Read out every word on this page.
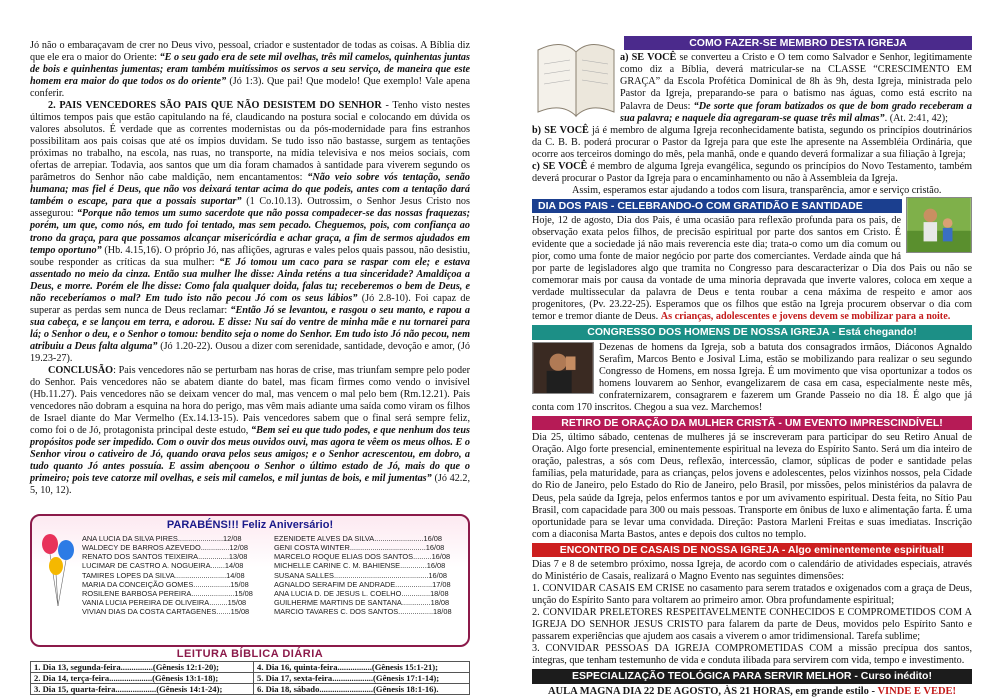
Jó não o embaraçavam de crer no Deus vivo, pessoal, criador e sustentador de todas as coisas. A Bíblia diz que ele era o maior do Oriente: “E o seu gado era de sete mil ovelhas, três mil camelos, quinhentas juntas de bois e quinhentas jumentas; eram também muitíssimos os servos a seu serviço, de maneira que este homem era maior do que todos os do oriente” (Jó 1:3). Que pai! Que modelo! Que exemplo! Vale apena conferir.

2. PAIS VENCEDORES SÃO PAIS QUE NÃO DESISTEM DO SENHOR - Tenho visto nestes últimos tempos pais que estão capitulando na fé, claudicando na postura social e colocando em dúvida os valores absolutos. É verdade que as correntes modernistas ou da pós-modernidade para fins estranhos possibilitam aos pais coisas que até os ímpios duvidam. Se tudo isso não bastasse, surgem as tentações próximas no trabalho, na escola, nas ruas, no transporte, na mídia televisiva e nos meios sociais, com ofertas de arrepiar. Todavia, aos santos que um dia foram chamados à santidade para viverem segundo os parâmetros do Senhor não cabe maldição, nem encantamentos: “Não veio sobre vós tentação, senão humana; mas fiel é Deus, que não vos deixará tentar acima do que podeis, antes com a tentação dará também o escape, para que a possais suportar” (1 Co.10.13). Outrossim, o Senhor Jesus Cristo nos assegurou: “Porque não temos um sumo sacerdote que não possa compadecer-se das nossas fraquezas; porém, um que, como nós, em tudo foi tentado, mas sem pecado. Cheguemos, pois, com confiança ao trono da graça, para que possamos alcançar misericórdia e achar graça, a fim de sermos ajudados em tempo oportuno” (Hb. 4.15,16). O próprio Jó, nas aflições, agruras e vales pelos quais passou, não desistiu, soube responder as críticas da sua mulher: “E Jó tomou um caco para se raspar com ele; e estava assentado no meio da cinza. Então sua mulher lhe disse: Ainda reténs a tua sinceridade? Amaldiçoa a Deus, e morre. Porém ele lhe disse: Como fala qualquer doida, falas tu; receberemos o bem de Deus, e não receberíamos o mal? Em tudo isto não pecou Jó com os seus lábios” (Jó 2.8-10). Foi capaz de superar as perdas sem nunca de Deus reclamar: “Então Jó se levantou, e rasgou o seu manto, e rapou a sua cabeça, e se lançou em terra, e adorou. E disse: Nu saí do ventre de minha mãe e nu tornarei para lá; o Senhor o deu, e o Senhor o tomou: bendito seja o nome do Senhor. Em tudo isto Jó não pecou, nem atribuiu a Deus falta alguma” (Jó 1.20-22). Ousou a dizer com serenidade, santidade, devoção e amor, (Jó 19.23-27).

CONCLUSÃO: Pais vencedores não se perturbam nas horas de crise, mas triunfam sempre pelo poder do Senhor. Pais vencedores não se abatem diante do batel, mas ficam firmes como vendo o invisível (Hb.11.27). Pais vencedores não se deixam vencer do mal, mas vencem o mal pelo bem (Rm.12.21). Pais vencedores não dobram a esquina na hora do perigo, mas vêm mais adiante uma saída como viram os filhos de Israel diante do Mar Vermelho (Ex.14.13-15). Pais vencedores sabem que o final será sempre feliz, como foi o de Jó, protagonista principal deste estudo, “Bem sei eu que tudo podes, e que nenhum dos teus propósitos pode ser impedido. Com o ouvir dos meus ouvidos ouvi, mas agora te vêem os meus olhos. E o Senhor virou o cativeiro de Jó, quando orava pelos seus amigos; e o Senhor acrescentou, em dobro, a tudo quanto Jó antes possuía. E assim abençoou o Senhor o último estado de Jó, mais do que o primeiro; pois teve catorze mil ovelhas, e seis mil camelos, e mil juntas de bois, e mil jumentas” (Jó 42.2, 5, 10, 12).

PARABÉNS!!! Feliz Aniversário!
ANA LUCIA DA SILVA PIRES......................12/08
WALDECY DE BARROS AZEVEDO..............12/08
RENATO DOS SANTOS TEIXEIRA...............13/08
LUCIMAR DE CASTRO A. NOGUEIRA.......14/08
TAMIRES LOPES DA SILVA.........................14/08
MARIA DA CONCEIÇÃO GOMES..................15/08
ROSILENE BARBOSA PEREIRA.....................15/08
VANIA LUCIA PEREIRA DE OLIVEIRA.........15/08
VIVIAN DIAS DA COSTA CARTAGENES.......15/08
EZENIDETE ALVES DA SILVA........................16/08
GENI COSTA WINTER.....................................16/08
MARCELO ROQUE ELIAS DOS SANTOS.........16/08
MICHELLE CARINE C. M. BAHIENSE.............16/08
SUSANA SALLES..............................................16/08
AGNALDO SERAFIM DE ANDRADE..................17/08
ANA LUCIA D. DE JESUS L. COELHO..............18/08
GUILHERME MARTINS DE SANTANA..............18/08
MARCIO TAVARES C. DOS SANTOS.................18/08
LEITURA BÍBLICA DIÁRIA
1. Dia 13, segunda-feira...............(Gênesis 12:1-20);	4. Dia 16, quinta-feira................(Gênesis 15:1-21);
2. Dia 14, terça-feira....................(Gênesis 13:1-18);	5. Dia 17, sexta-feira...................(Gênesis 17:1-14);
3. Dia 15, quarta-feira...................(Gênesis 14:1-24);	6. Dia 18, sábado.........................(Gênesis 18:1-16).
COMO FAZER-SE MEMBRO DESTA IGREJA
a) SE VOCÊ se converteu a Cristo e O tem como Salvador e Senhor, legitimamente como diz a Bíblia, deverá matricular-se na CLASSE “CRESCIMENTO EM GRAÇA” da Escola Profética Dominical de 8h às 9h, desta Igreja, ministrada pelo Pastor da Igreja, preparando-se para o batismo nas águas, como está escrito na Palavra de Deus: “De sorte que foram batizados os que de bom grado receberam a sua palavra; e naquele dia agregaram-se quase três mil almas”. (At. 2:41, 42);
b) SE VOCÊ já é membro de alguma Igreja reconhecidamente batista, segundo os princípios doutrinários da C. B. B. poderá procurar o Pastor da Igreja para que este lhe apresente na Assembléia Ordinária, que ocorre aos terceiros domingo do mês, pela manhã, onde e quando deverá formalizar a sua filiação à Igreja;
c) SE VOCÊ é membro de alguma Igreja evangélica, segundo os princípios do Novo Testamento, também deverá procurar o Pastor da Igreja para o encaminhamento ou não à Assembleia da Igreja.
Assim, esperamos estar ajudando a todos com lisura, transparência, amor e serviço cristão.
DIA DOS PAIS - CELEBRANDO-O COM GRATIDÃO E SANTIDADE
Hoje, 12 de agosto, Dia dos Pais, é uma ocasião para reflexão profunda para os pais, de observação exata pelos filhos, de precisão espiritual por parte dos santos em Cristo. É evidente que a sociedade já não mais reverencia este dia; trata-o como um dia comum ou pior, como uma fonte de maior negócio por parte dos comerciantes. Verdade ainda que há por parte de legisladores algo que tramita no Congresso para descaracterizar o Dia dos Pais ou não se comemorar mais por causa da vontade de uma minoria depravada que inverte valores, coloca em xeque a verdade multissecular da palavra de Deus e tenta roubar a cena máxima de respeito e amor aos progenitores, (Pv. 23.22-25). Esperamos que os filhos que estão na Igreja procurem observar o dia com temor e tremor diante de Deus. As crianças, adolescentes e jovens devem se mobilizar para a noite.
CONGRESSO DOS HOMENS DE NOSSA IGREJA - Está chegando!
Dezenas de homens da Igreja, sob a batuta dos consagrados irmãos, Diáconos Agnaldo Serafim, Marcos Bento e Josival Lima, estão se mobilizando para realizar o seu segundo Congresso de Homens, em nossa Igreja. É um movimento que visa oportunizar a todos os homens louvarem ao Senhor, evangelizarem de casa em casa, especialmente neste mês, confraternizarem, consagrarem e fazerem um Grande Passeio no dia 18. É algo que já conta com 170 inscritos. Chegou a sua vez. Marchemos!
RETIRO DE ORAÇÃO DA MULHER CRISTÃ - UM EVENTO IMPRESCINDÍVEL!
Dia 25, último sábado, centenas de mulheres já se inscreveram para participar do seu Retiro Anual de Oração. Algo forte presencial, eminentemente espiritual na leveza do Espírito Santo. Será um dia inteiro de oração, palestras, a sós com Deus, reflexão, intercessão, clamor, súplicas de poder e santidade pelas famílias, pela maturidade, para as crianças, pelos jovens e adolescentes, pelos vizinhos nossos, pela Cidade do Rio de Janeiro, pelo Estado do Rio de Janeiro, pelo Brasil, por missões, pelos ministérios da palavra de Deus, pela saúde da Igreja, pelos enfermos tantos e por um avivamento espiritual. Desta feita, no Sítio Pau Brasil, com capacidade para 300 ou mais pessoas. Transporte em ônibus de luxo e alimentação farta. É uma oportunidade para se levar uma convidada. Direção: Pastora Marleni Freitas e suas imediatas. Inscrição com a diaconisa Marta Bastos, antes e depois dos cultos no templo.
ENCONTRO DE CASAIS DE NOSSA IGREJA - Algo eminentemente espiritual!
Dias 7 e 8 de setembro próximo, nossa Igreja, de acordo com o calendário de atividades especiais, através do Ministério de Casais, realizará o Magno Evento nas seguintes dimensões:
1. CONVIDAR CASAIS EM CRISE no casamento para serem tratados e oxigenados com a graça de Deus, unção do Espírito Santo para voltarem ao primeiro amor. Obra profundamente espiritual;
2. CONVIDAR PRELETORES RESPEITAVELMENTE CONHECIDOS E COMPROMETIDOS COM A IGREJA DO SENHOR JESUS CRISTO para falarem da parte de Deus, movidos pelo Espírito Santo e passarem experiências que ajudem aos casais a viverem o amor tridimensional. Tarefa sublime;
3. CONVIDAR PESSOAS DA IGREJA COMPROMETIDAS COM a missão precípua dos santos, íntegras, que tenham testemunho de vida e conduta ilibada para servirem com vida, tempo e investimento.
ESPECIALIZAÇÃO TEOLÓGICA PARA SERVIR MELHOR - Curso inédito!
AULA MAGNA DIA 22 DE AGOSTO, ÀS 21 HORAS, em grande estilo - VINDE E VEDE!
